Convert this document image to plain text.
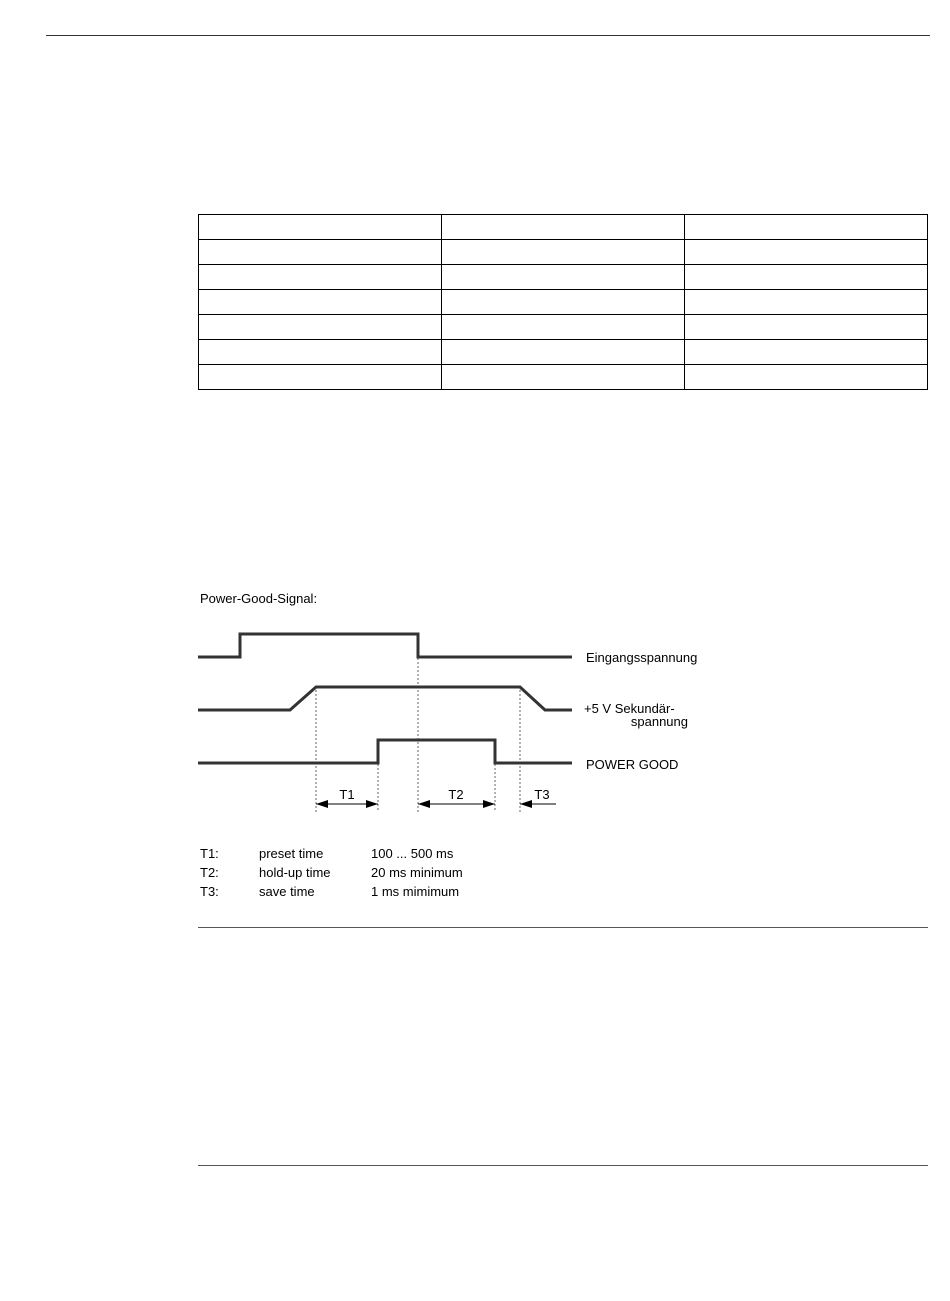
Power-Good-Signal:
Eingangsspannung
+5 V Sekundär-
spannung
POWER GOOD
T1	T2	T3
T1:	preset time	100 ... 500 ms
T2:	hold-up time	20 ms minimum
T3:	save time	1 ms mimimum
